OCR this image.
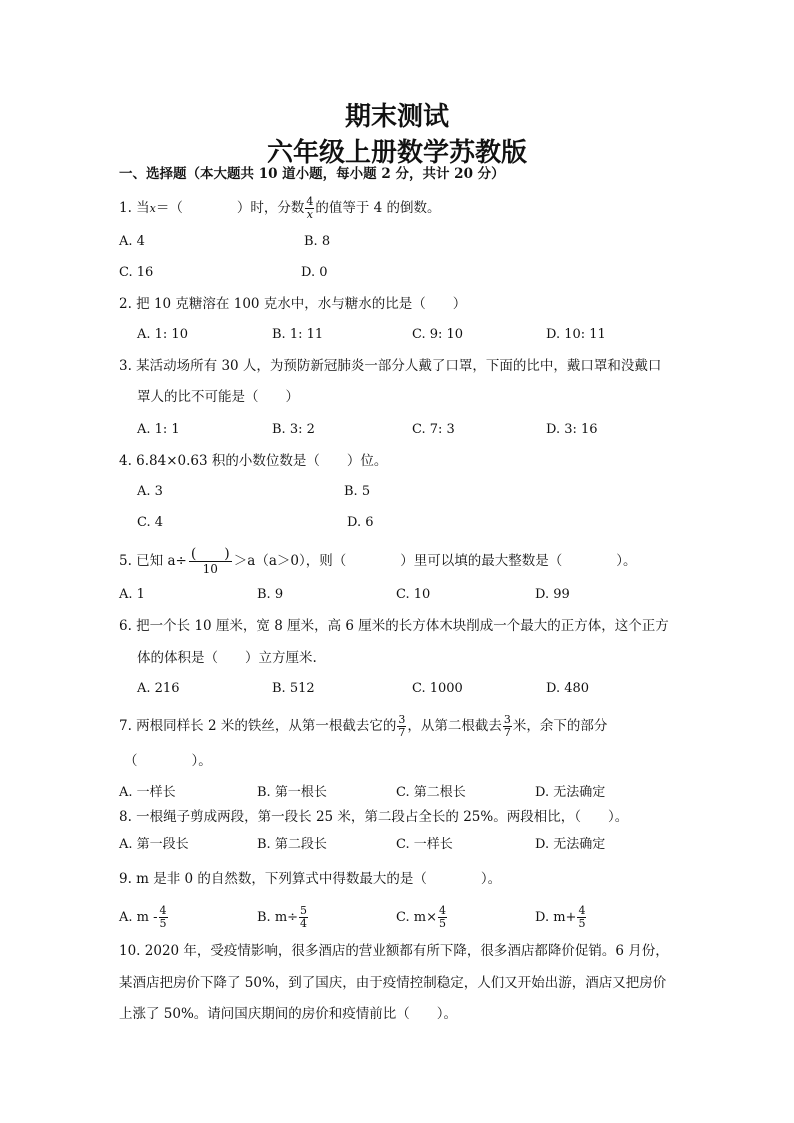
期末测试
六年级上册数学苏教版
一、选择题（本大题共 10 道小题，每小题 2 分，共计 20 分）
1. 当x＝（　　　　）时，分数 $\frac{4}{x}$ 的值等于 4 的倒数。
A. 4	B. 8
C. 16	D. 0
2. 把 10 克糖溶在 100 克水中，水与糖水的比是（　　）
A. 1: 10	B. 1: 11	C. 9: 10	D. 10: 11
3. 某活动场所有 30 人，为预防新冠肺炎一部分人戴了口罩，下面的比中，戴口罩和没戴口
罩人的比不可能是（　　）
A. 1: 1	B. 3: 2	C. 7: 3	D. 3: 16
4. 6.84×0.63 积的小数位数是（　　）位。
A. 3	B. 5
C. 4	D. 6
5. 已知 $a\div \frac{( )}{10} >a(a>0)$，则（　　　　）里可以填的最大整数是（　　　　）。
A. 1	B. 9	C. 10	D. 99
6. 把一个长 10 厘米，宽 8 厘米，高 6 厘米的长方体木块削成一个最大的正方体，这个正方
体的体积是（　　）立方厘米.
A. 216	B. 512	C. 1000	D. 480
7. 两根同样长 2 米的铁丝，从第一根截去它的 $\frac{3}{7}$ ，从第二根截去 $\frac{3}{7}$ 米，余下的部分
（　　　　）。
A. 一样长	B. 第一根长	C. 第二根长	D. 无法确定
8. 一根绳子剪成两段，第一段长 25 米，第二段占全长的 25%。两段相比，（　　）。
A. 第一段长	B. 第二段长	C. 一样长	D. 无法确定
9. m 是非 0 的自然数，下列算式中得数最大的是（　　　　）。
A. m - $\frac{4}{5}$	B. $m\div \frac{5}{4}$	C. $m\times \frac{4}{5}$	D. $m+ \frac{4}{5}$
10. 2020 年，受疫情影响，很多酒店的营业额都有所下降，很多酒店都降价促销。6 月份，
某酒店把房价下降了 50%，到了国庆，由于疫情控制稳定，人们又开始出游，酒店又把房价
上涨了 50%。请问国庆期间的房价和疫情前比（　　）。
